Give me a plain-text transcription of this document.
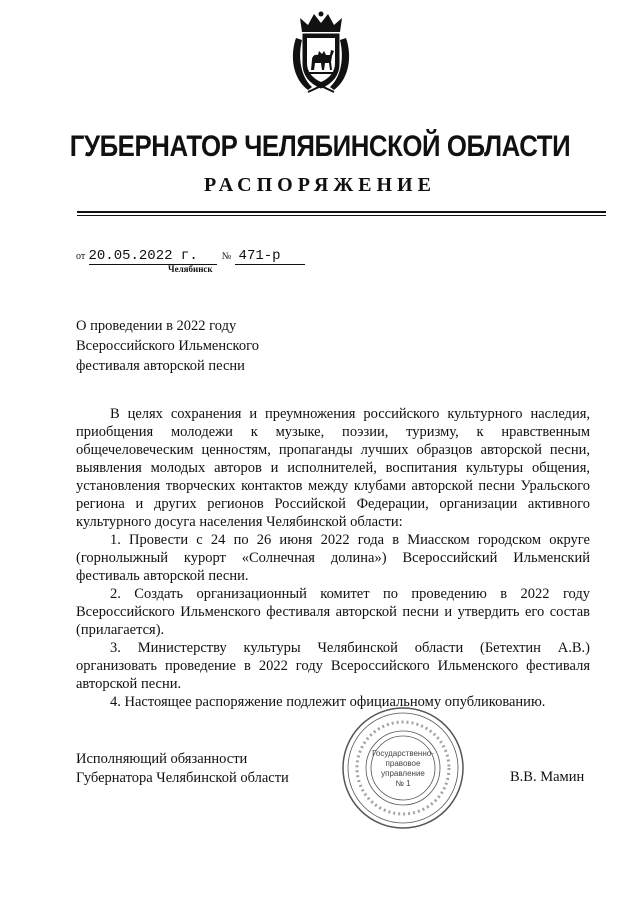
ГУБЕРНАТОР ЧЕЛЯБИНСКОЙ ОБЛАСТИ
РАСПОРЯЖЕНИЕ
от 20.05.2022 г. № 471-р
Челябинск
О проведении в 2022 году
Всероссийского Ильменского
фестиваля авторской песни

В целях сохранения и преумножения российского культурного наследия, приобщения молодежи к музыке, поэзии, туризму, к нравственным общечеловеческим ценностям, пропаганды лучших образцов авторской песни, выявления молодых авторов и исполнителей, воспитания культуры общения, установления творческих контактов между клубами авторской песни Уральского региона и других регионов Российской Федерации, организации активного культурного досуга населения Челябинской области:

1. Провести с 24 по 26 июня 2022 года в Миасском городском округе (горнолыжный курорт «Солнечная долина») Всероссийский Ильменский фестиваль авторской песни.

2. Создать организационный комитет по проведению в 2022 году Всероссийского Ильменского фестиваля авторской песни и утвердить его состав (прилагается).

3. Министерству культуры Челябинской области (Бетехтин А.В.) организовать проведение в 2022 году Всероссийского Ильменского фестиваля авторской песни.

4. Настоящее распоряжение подлежит официальному опубликованию.

Исполняющий обязанности
Губернатора Челябинской области	В.В. Мамин
Государственно-
правовое
управление
№ 1
